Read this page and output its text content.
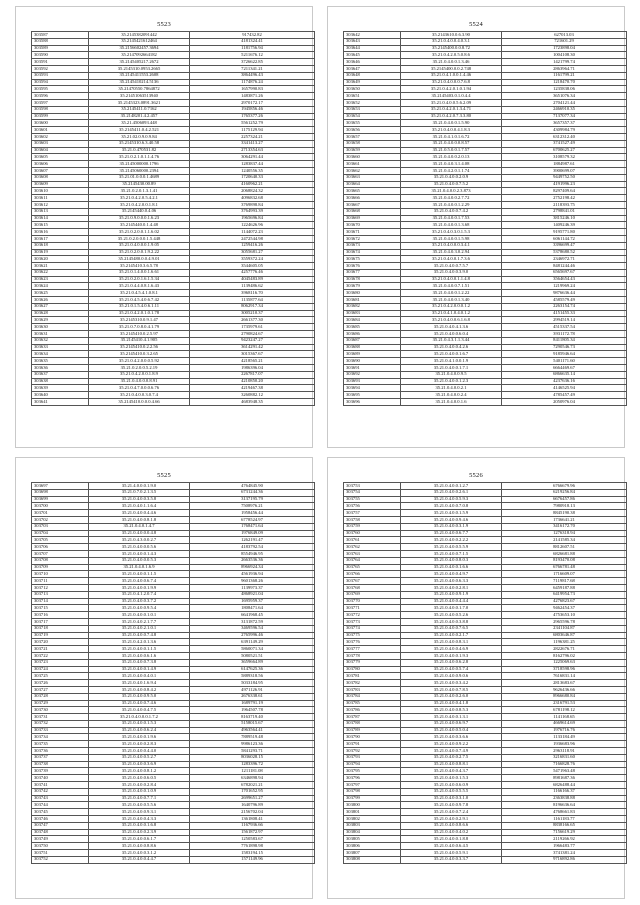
5523
303587	35.2145382091442	917432.82
303588	35.2145421612464	4181324.41
303589	35.2156602457.3694	1181756.94
303590	35.2147092664182	5211676.12
303591	35.2145405217.2672	3726622.85
303592	35.2145310.0953.2665	7211341.21
303593	35.2145411553.2608	3864496.43
303594	35.2145410214.5136	1174876.24
303595	35.21470550.7864872	1657990.83
303596	35.21451063513940	1483871.26
303597	35.2145323.0891.3621	2970172.17
303598	35.2145411.0.7162	1945856.46
303599	35.2148201.4.2.457	1765377.26
303600	35.21.4506093.448	5561252.79
303601	35.2145411.0.4.2.521	1175129.94
303602	35.21.02.0.9.0.9.84	2257324.21
303603	35.2145310.6.3.40.58	3341413.27
303604	35.21.0.470531.82	2713354.63
303605	35.21.0.2.1.0.1.1.4.76	3064291.44
303606	35.2145000000.1796	1283837.44
303607	35.2145060000.2394	1240556.35
303608	35.21.01.0.0.0.1.4689	1720640.33
303609	35.2145430.00.89	4160962.21
303610	35.21.0.2.0.1.3.1.41	2068824.32
303611	35.21.0.4.2.0.5.4.2.1	4096832.68
303612	35.21.0.4.2.0.0.1.8.1	3769898.84
303613	35.2145440.0.4.06	3764993.39
303614	35.21.0.9.0.0.0.1.6.23	1965696.84
303615	35.2145440.0.1.4.48	1224626.96
303616	35.21.0.2.0.0.1.1.6.02	1144072.23
303617	35.21.0.2.0.0.0.1.5.448	2472544.98
303618	35.21.0.4.0.0.0.1.9.05	1259416.26
303619	35.21.0.2.0.0.1.9.2.22	3055681.27
303620	35.2145480.0.0.4.9.01	3559372.24
303621	35.2145410.3.6.5.78	3544605.05
303622	35.21.0.1.4.0.0.1.6.61	4257776.46
303623	35.21.0.2.0.1.6.1.5.34	4045483.89
303624	35.21.0.4.4.0.8.1.6.43	1139486.62
303625	35.21.0.4.5.4.1.0.8.1	3968116.70
303626	35.21.0.4.5.4.0.6.7.42	1135877.64
303627	35.21.0.1.5.4.0.6.1.11	8062917.34
303628	35.21.0.4.2.0.1.0.1.78	3005210.37
303629	35.2145310.0.9.1.47	2661377.30
303630	35.21.0.7.0.8.0.4.1.79	1735979.61
303631	35.2145410.0.2.5.97	2790824.67
303632	35.2145410.4.1.905	9423247.27
303633	35.2145410.0.2.2.56	3614291.42
303634	35.2145410.0.3.2.65	3015367.67
303635	35.21.0.4.2.0.0.0.5.92	4218565.21
303636	35.21.0.2.0.0.5.2.19	1986396.04
303637	35.21.0.4.2.0.0.1.8.9	2267817.07
303638	35.21.0.4.0.0.0.8.91	4210850.20
303639	35.21.0.4.7.0.0.0.6.76	4219467.38
303640	35.21.0.4.0.0.3.0.7.4	3260882.12
303641	35.2145410.0.0.0.4.66	4683948.35
5524
303642	35.2143610.0.6.3.90	627013.03
303643	35.21.0.4.0.0.4.0.3.1	721601.29
303644	35.2145400.0.0.8.72	1723898.04
303645	35.21.0.4.2.0.5.0.8.6	1004108.30
303646	35.21.0.4.0.0.1.3.46	1421799.74
303647	35.2145400.0.0.2.748	2863964.71
303648	35.21.0.4.1.0.0.1.4.46	1161799.21
303649	35.21.0.4.0.0.0.7.6.8	1218470.70
303650	35.21.0.4.2.0.1.0.1.94	1235838.06
303651	35.2145403.0.1.0.4.4	3651076.34
303652	35.21.0.4.0.0.5.6.2.09	2704121.44
303653	35.21.0.4.2.0.1.3.4.71	2466910.35
303654	35.21.0.4.2.0.7.3.3.80	7137077.34
303655	35.21.0.4.0.0.1.5.90	3657357.37
303656	35.21.0.4.0.0.4.1.8.3	4309984.79
303657	35.21.0.4.1.0.1.6.72	6312312.40
303658	35.21.0.4.0.0.0.8.57	3741527.49
303659	35.21.0.5.0.0.1.7.57	6700625.27
303660	35.21.0.4.0.0.2.0.13	3108579.32
303661	35.21.0.4.0.3.1.4.08	1884987.61
303662	35.21.0.4.2.0.1.1.74	3900699.07
303663	35.21.0.4.0.0.2.0.9	9449752.50
303664	35.21.0.4.0.0.7.5.2	4191996.23
303665	35.21.0.4.0.0.2.3.873	8297409.64
303666	35.21.0.4.0.0.2.7.72	2752198.42
303667	35.21.0.4.0.0.1.2.29	2118393.75
303668	35.21.0.4.0.0.7.4.2	2798841.01
303669	35.21.0.4.0.0.1.7.53	3815246.10
303670	35.21.0.4.0.0.1.3.68	1409246.39
303671	35.21.0.4.0.3.0.1.5.3	9195771.80
303672	35.21.0.4.0.0.1.5.98	6061144.72
303673	35.21.0.4.0.0.0.3.4.1	3396699.47
303674	35.21.0.4.0.3.0.2.94	5378680.52
303675	35.21.0.4.0.0.1.7.3.6	2346972.71
303676	35.21.0.4.0.0.7.5.7	8481244.46
303677	35.21.0.4.0.0.3.9.0	6565697.67
303678	35.21.0.4.0.0.1.1.4.8	3564654.43
303679	35.21.0.4.0.0.7.1.51	1219969.24
303680	35.21.0.4.0.0.1.2.22	9876636.44
303681	35.21.0.4.0.0.1.3.40	4585579.49
303682	35.21.0.4.2.0.0.0.1.2	2263154.74
303683	35.21.0.4.1.0.4.0.1.2	4151455.33
303684	35.21.0.4.0.0.6.1.6.8	2994519.14
303685	35.21.0.4.0.4.1.3.6	4515337.54
303686	35.21.0.4.0.0.6.0.4	3931172.78
303687	35.21.0.4.3.1.1.3.44	8411805.34
303688	35.21.0.4.0.0.4.2.6	7290546.73
303689	35.21.0.4.0.0.1.6.7	9185946.64
303690	35.21.0.4.1.0.0.1.9	5401171.60
303691	35.21.0.4.0.0.1.7.1	6664469.67
303692	35.21.0.4.0.0.9.5	6866635.14
303693	35.21.0.4.0.0.1.2.3	4237636.16
303694	35.21.0.4.0.0.2.1	4146525.94
303695	35.21.0.4.0.0.2.4	4785457.49
303696	35.21.0.4.0.0.1.6	2050976.04
5525
303697	35.21.4.0.0.0.1.9.0	4764845.90
303698	35.21.0.7.0.2.1.3.5	6731244.36
303699	35.21.0.4.0.0.3.5.8	3137195.79
303700	35.21.0.4.0.1.1.6.4	7508976.21
303701	35.21.0.4.0.0.4.4.6	1958456.44
303702	35.21.0.4.0.0.8.1.8	6778524.97
303703	35.21.0.4.0.1.4.7	1768471.64
303704	35.21.0.4.0.0.0.4.8	1976849.09
303705	35.21.0.4.3.0.0.2.7	1262191.47
303706	35.21.0.4.0.0.0.5.6	4183792.54
303707	35.21.0.4.0.0.1.4.3	8554946.95
303708	35.21.0.4.0.0.0.5.3	2663536.36
303709	35.21.0.4.0.1.6.9	8966924.34
303710	35.21.0.4.0.0.1.1.5	4561936.94
303711	35.21.0.4.0.0.6.7.4	9601368.26
303712	35.21.0.4.0.0.1.9.9	1139973.37
303713	35.21.0.4.1.2.0.7.4	4868921.04
303714	35.21.0.4.0.0.3.7.2	1695959.37
303715	35.21.0.4.0.0.9.5.4	1808471.64
303716	35.21.0.4.0.0.1.0.1	6641968.45
303717	35.21.0.4.0.2.1.7.7	3131872.59
303718	35.21.0.4.0.2.1.0.1	3469596.54
303719	35.21.0.4.0.0.7.4.8	2765996.46
303720	35.21.0.4.2.0.1.3.6	6391149.29
303721	35.21.0.4.0.0.1.1.5	5860071.34
303722	35.21.0.4.0.0.6.1.6	5080521.51
303723	35.21.0.4.0.0.7.3.8	3659664.89
303724	35.21.0.4.0.0.1.4.9	6147625.36
303725	35.21.0.4.0.0.4.0.1	5889318.56
303726	35.21.0.4.0.1.6.9.4	5033184.95
303727	35.21.0.4.0.0.8.4.2	4971126.91
303728	35.21.0.4.0.0.9.5.0	2676338.61
303729	35.21.0.4.0.0.7.4.6	1689791.19
303730	35.21.0.4.0.0.4.7.5	1964507.78
303731	35.21.0.4.0.0.0.1.7.2	8163719.40
303732	35.21.0.4.0.0.1.5.3	5158015.67
303733	35.21.0.4.0.0.6.2.4	4963564.41
303734	35.21.0.4.0.0.1.9.6	7889519.48
303735	35.21.0.4.0.0.2.8.3	9986123.36
303736	35.21.0.4.0.0.4.4.0	5841293.71
303737	35.21.0.4.0.0.5.2.7	8036028.15
303738	35.21.0.4.0.0.3.6.9	1283396.72
303739	35.21.0.4.0.0.8.1.2	1211181.08
303740	35.21.0.4.0.0.6.0.5	6346898.94
303741	35.21.0.4.0.0.2.8.4	6782021.21
303742	35.21.0.4.0.0.1.0.9	1701652.95
303743	35.21.0.4.0.0.7.7.1	2699651.27
303744	35.21.0.4.0.0.5.5.6	1640796.89
303745	35.21.0.4.0.0.9.3.1	2156702.04
303746	35.21.0.4.0.0.4.3.3	1361808.41
303747	35.21.0.4.0.0.1.6.8	1167936.66
303748	35.21.0.4.0.0.2.3.9	1561872.97
303749	35.21.0.4.0.0.6.1.7	1250583.67
303750	35.21.0.4.0.0.8.8.6	7761898.98
303751	35.21.0.4.0.0.3.1.2	1583194.15
303752	35.21.0.4.0.0.4.4.7	1571149.96
5526
303753	35.21.0.4.0.0.1.2.7	6766679.96
303754	35.21.0.4.0.0.2.6.1	6219256.84
303755	35.21.0.4.0.0.5.9.3	6676457.86
303756	35.21.0.4.0.0.7.0.8	7980918.13
303757	35.21.0.4.0.0.1.5.9	8845190.38
303758	35.21.0.4.0.0.9.4.6	1736641.21
303759	35.21.0.4.0.0.3.1.9	3416172.70
303760	35.21.0.4.0.0.6.7.7	1276318.94
303761	35.21.0.4.0.0.2.2.2	2141585.34
303762	35.21.0.4.0.0.5.5.9	8812607.51
303763	35.21.0.4.0.0.7.1.5	6826681.88
303764	35.21.0.4.0.0.8.0.3	8193470.08
303765	35.21.0.4.0.0.1.6.6	6766781.48
303766	35.21.0.4.0.0.4.9.7	1716609.07
303767	35.21.0.4.0.0.6.3.3	7119817.68
303768	35.21.0.4.0.0.2.8.1	6459187.88
303769	35.21.0.4.0.0.9.1.9	6419954.73
303770	35.21.0.4.0.0.4.4.4	4276823.67
303771	35.21.0.4.0.0.1.7.0	9462454.37
303772	35.21.0.4.0.0.5.2.6	4753653.10
303773	35.21.0.4.0.0.3.8.8	2965596.78
303774	35.21.0.4.0.0.7.6.5	2341104.87
303775	35.21.0.4.0.0.2.1.7	6803646.87
303776	35.21.0.4.0.0.8.3.1	1196381.25
303777	35.21.0.4.0.0.4.6.9	2822676.71
303778	35.21.0.4.0.0.1.9.3	8162796.02
303779	35.21.0.4.0.0.6.2.8	1225069.63
303780	35.21.0.4.0.0.5.7.4	3718598.96
303781	35.21.0.4.0.0.9.0.6	7616831.14
303782	35.21.0.4.0.0.3.4.2	2813683.67
303783	35.21.0.4.0.0.7.8.5	9626436.66
303784	35.21.0.4.0.0.2.6.0	8966680.84
303785	35.21.0.4.0.0.4.1.8	2316791.53
303786	35.21.0.4.0.0.8.5.3	6781198.12
303787	35.21.0.4.0.0.1.3.1	1141168.65
303788	35.21.0.4.0.0.6.9.7	4669614.69
303789	35.21.0.4.0.0.5.0.4	1976716.76
303790	35.21.0.4.0.0.3.6.6	1133184.49
303791	35.21.0.4.0.0.9.2.2	1936683.96
303792	35.21.0.4.0.0.7.4.9	2963118.91
303793	35.21.0.4.0.0.2.7.5	3216831.60
303794	35.21.0.4.0.0.8.8.1	7166828.76
303795	35.21.0.4.0.0.4.3.7	5471963.48
303796	35.21.0.4.0.0.1.5.3	8981687.36
303797	35.21.0.4.0.0.6.0.9	6826488.44
303798	35.21.0.4.0.0.5.5.5	1166166.37
303799	35.21.0.4.0.0.3.1.0	2363838.88
303800	35.21.0.4.0.0.9.7.8	8196636.64
303801	35.21.0.4.0.0.7.2.4	4768661.83
303802	35.21.0.4.0.0.2.9.1	1161183.77
303803	35.21.0.4.0.0.8.6.6	8838166.65
303804	35.21.0.4.0.0.4.0.2	7156619.29
303805	35.21.0.4.0.0.1.8.8	2119266.92
303806	35.21.0.4.0.0.6.4.5	1966483.77
303807	35.21.0.4.0.0.5.9.1	3741381.24
303808	35.21.0.4.0.0.3.3.7	9716892.86
